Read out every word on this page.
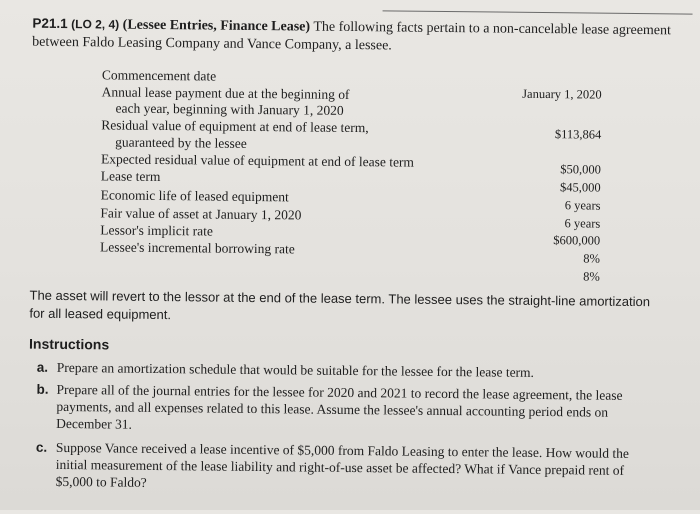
P21.1 (LO 2, 4) (Lessee Entries, Finance Lease) The following facts pertain to a non-cancelable lease agreement between Faldo Leasing Company and Vance Company, a lessee.
Commencement date
January 1, 2020
Annual lease payment due at the beginning of
each year, beginning with January 1, 2020
$113,864
Residual value of equipment at end of lease term,
guaranteed by the lessee
$50,000
Expected residual value of equipment at end of lease term
$45,000
Lease term
6 years
Economic life of leased equipment
6 years
Fair value of asset at January 1, 2020
$600,000
Lessor's implicit rate
8%
Lessee's incremental borrowing rate
8%
The asset will revert to the lessor at the end of the lease term. The lessee uses the straight-line amortization for all leased equipment.
Instructions
a. Prepare an amortization schedule that would be suitable for the lessee for the lease term.
b. Prepare all of the journal entries for the lessee for 2020 and 2021 to record the lease agreement, the lease payments, and all expenses related to this lease. Assume the lessee's annual accounting period ends on December 31.
c. Suppose Vance received a lease incentive of $5,000 from Faldo Leasing to enter the lease. How would the initial measurement of the lease liability and right-of-use asset be affected? What if Vance prepaid rent of $5,000 to Faldo?
